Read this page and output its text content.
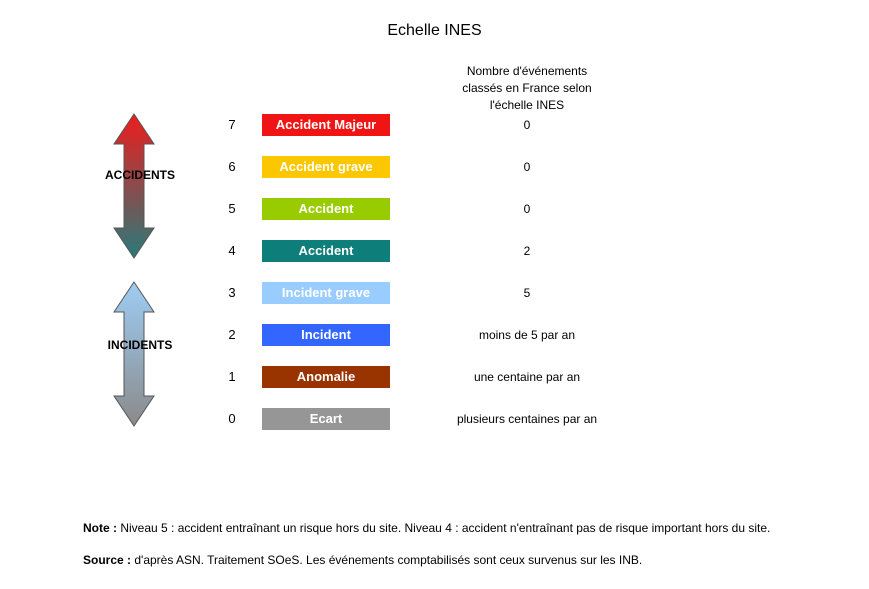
Echelle INES
Nombre d'événements
classés en France selon
l'échelle INES
ACCIDENTS
INCIDENTS
7	Accident Majeur	0
6	Accident grave	0
5	Accident	0
4	Accident	2
3	Incident grave	5
2	Incident	moins de 5 par an
1	Anomalie	une centaine par an
0	Ecart	plusieurs centaines par an
Note : Niveau 5 : accident entraînant un risque hors du site. Niveau 4 : accident n'entraînant pas de risque important hors du site.
Source : d'après ASN. Traitement SOeS. Les événements comptabilisés sont ceux survenus sur les INB.
